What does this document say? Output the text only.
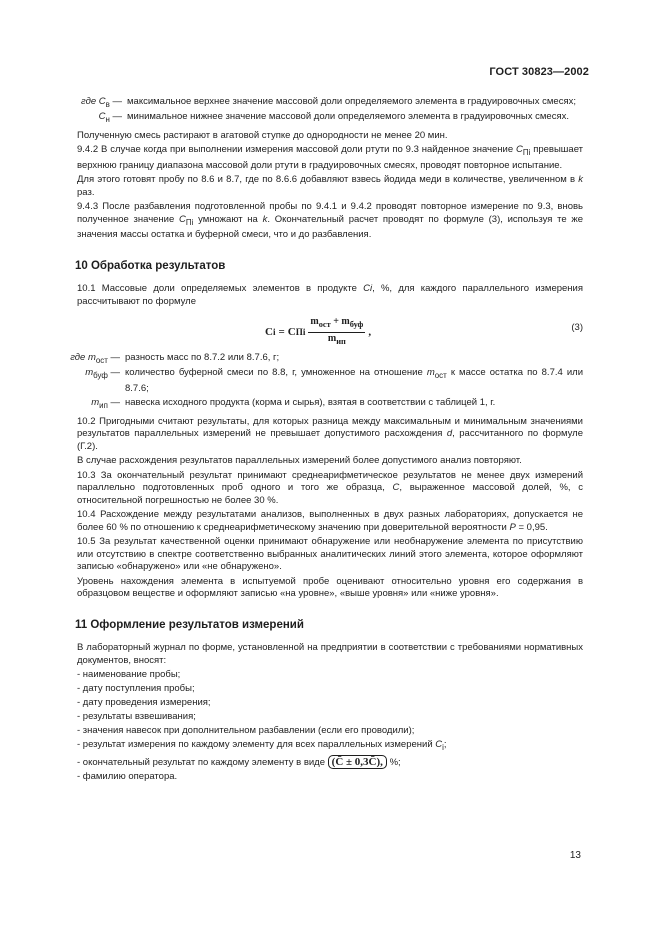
ГОСТ 30823—2002
где $С_в$ — максимальное верхнее значение массовой доли определяемого элемента в градуировочных смесях;
$С_н$ — минимальное нижнее значение массовой доли определяемого элемента в градуировочных смесях.

Полученную смесь растирают в агатовой ступке до однородности не менее 20 мин.

9.4.2 В случае когда при выполнении измерения массовой доли ртути по 9.3 найденное значение $C_{Пi}$ превышает верхнюю границу диапазона массовой доли ртути в градуировочных смесях, проводят повторное испытание.

Для этого готовят пробу по 8.6 и 8.7, где по 8.6.6 добавляют взвесь йодида меди в количестве, увеличенном в k раз.

9.4.3 После разбавления подготовленной пробы по 9.4.1 и 9.4.2 проводят повторное измерение по 9.3, вновь полученное значение $C_{Пi}$ умножают на k. Окончательный расчет проводят по формуле (3), используя те же значения массы остатка и буферной смеси, что и до разбавления.

10 Обработка результатов

10.1 Массовые доли определяемых элементов в продукте Ci, %, для каждого параллельного измерения рассчитывают по формуле

C i = C Пi $\frac{m_{ост} + m_{буф}}{m_{ип}}$ ,	(3)
где $m_{ост}$ — разность масс по 8.7.2 или 8.7.6, г;
$m_{буф}$ — количество буферной смеси по 8.8, г, умноженное на отношение $m_{ост}$ к массе остатка по 8.7.4 или 8.7.6;
$m_{ип}$ — навеска исходного продукта (корма и сырья), взятая в соответствии с таблицей 1, г.

10.2 Пригодными считают результаты, для которых разница между максимальным и минимальным значениями результатов параллельных измерений не превышает допустимого расхождения d, рассчитанного по формуле (Г.2).

В случае расхождения результатов параллельных измерений более допустимого анализ повторяют.

10.3 За окончательный результат принимают среднеарифметическое результатов не менее двух измерений параллельно подготовленных проб одного и того же образца, C, выраженное массовой долей, %, с относительной погрешностью не более 30 %.

10.4 Расхождение между результатами анализов, выполненных в двух разных лабораториях, допускается не более 60 % по отношению к среднеарифметическому значению при доверительной вероятности P = 0,95.

10.5 За результат качественной оценки принимают обнаружение или необнаружение элемента по присутствию или отсутствию в спектре соответственно выбранных аналитических линий этого элемента, которое оформляют записью «обнаружено» или «не обнаружено».

Уровень нахождения элемента в испытуемой пробе оценивают относительно уровня его содержания в образцовом веществе и оформляют записью «на уровне», «выше уровня» или «ниже уровня».

11 Оформление результатов измерений

В лабораторный журнал по форме, установленной на предприятии в соответствии с требованиями нормативных документов, вносят:

- наименование пробы;
- дату поступления пробы;
- дату проведения измерения;
- результаты взвешивания;
- значения навесок при дополнительном разбавлении (если его проводили);
- результат измерения по каждому элементу для всех параллельных измерений $C_i$;
- окончательный результат по каждому элементу в виде (C̄ ± 0,3C̄), %;
- фамилию оператора.
13
